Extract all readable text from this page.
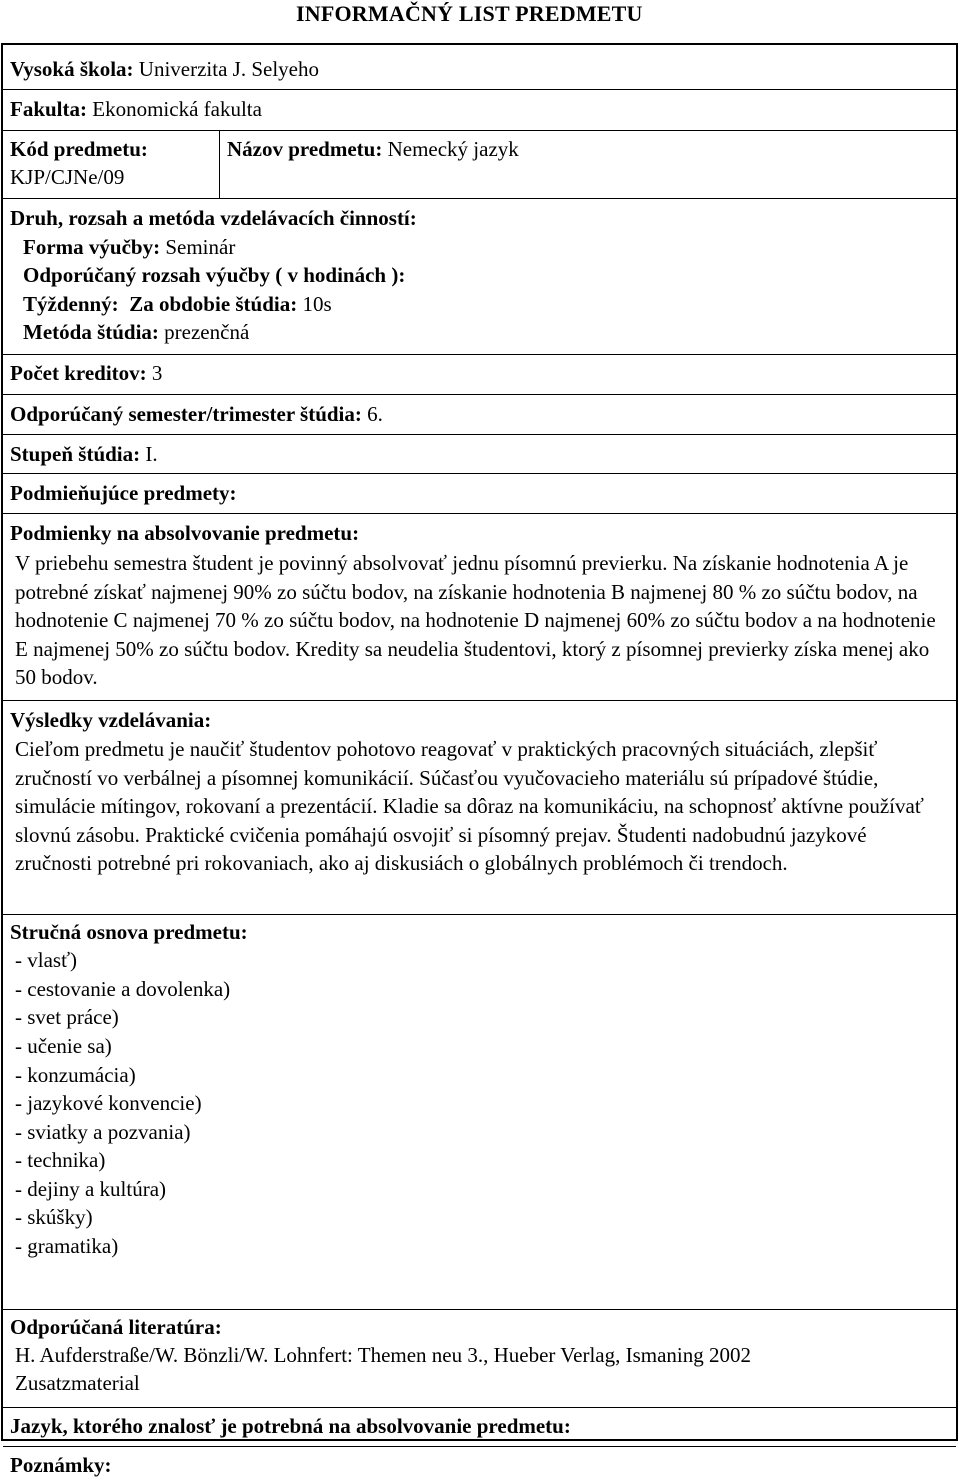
INFORMAČNÝ LIST PREDMETU
Vysoká škola: Univerzita J. Selyeho
Fakulta: Ekonomická fakulta
Kód predmetu:
KJP/CJNe/09
Názov predmetu: Nemecký jazyk
Druh, rozsah a metóda vzdelávacích činností:
Forma výučby: Seminár
Odporúčaný rozsah výučby ( v hodinách ):
Týždenný: Za obdobie štúdia: 10s
Metóda štúdia: prezenčná
Počet kreditov: 3
Odporúčaný semester/trimester štúdia: 6.
Stupeň štúdia: I.
Podmieňujúce predmety:
Podmienky na absolvovanie predmetu:
V priebehu semestra študent je povinný absolvovať jednu písomnú previerku. Na získanie hodnotenia A je potrebné získať najmenej 90% zo súčtu bodov, na získanie hodnotenia B najmenej 80 % zo súčtu bodov, na hodnotenie C najmenej 70 % zo súčtu bodov, na hodnotenie D najmenej 60% zo súčtu bodov a na hodnotenie E najmenej 50% zo súčtu bodov. Kredity sa neudelia študentovi, ktorý z písomnej previerky získa menej ako 50 bodov.
Výsledky vzdelávania:
Cieľom predmetu je naučiť študentov pohotovo reagovať v praktických pracovných situáciách, zlepšiť zručností vo verbálnej a písomnej komunikácií. Súčasťou vyučovacieho materiálu sú prípadové štúdie, simulácie mítingov, rokovaní a prezentácií. Kladie sa dôraz na komunikáciu, na schopnosť aktívne používať slovnú zásobu. Praktické cvičenia pomáhajú osvojiť si písomný prejav. Študenti nadobudnú jazykové zručnosti potrebné pri rokovaniach, ako aj diskusiách o globálnych problémoch či trendoch.
Stručná osnova predmetu:
- vlasť)
- cestovanie a dovolenka)
- svet práce)
- učenie sa)
- konzumácia)
- jazykové konvencie)
- sviatky a pozvania)
- technika)
- dejiny a kultúra)
- skúšky)
- gramatika)
Odporúčaná literatúra:
H. Aufderstraße/W. Bönzli/W. Lohnfert: Themen neu 3., Hueber Verlag, Ismaning 2002
Zusatzmaterial
Jazyk, ktorého znalosť je potrebná na absolvovanie predmetu:
Poznámky:
